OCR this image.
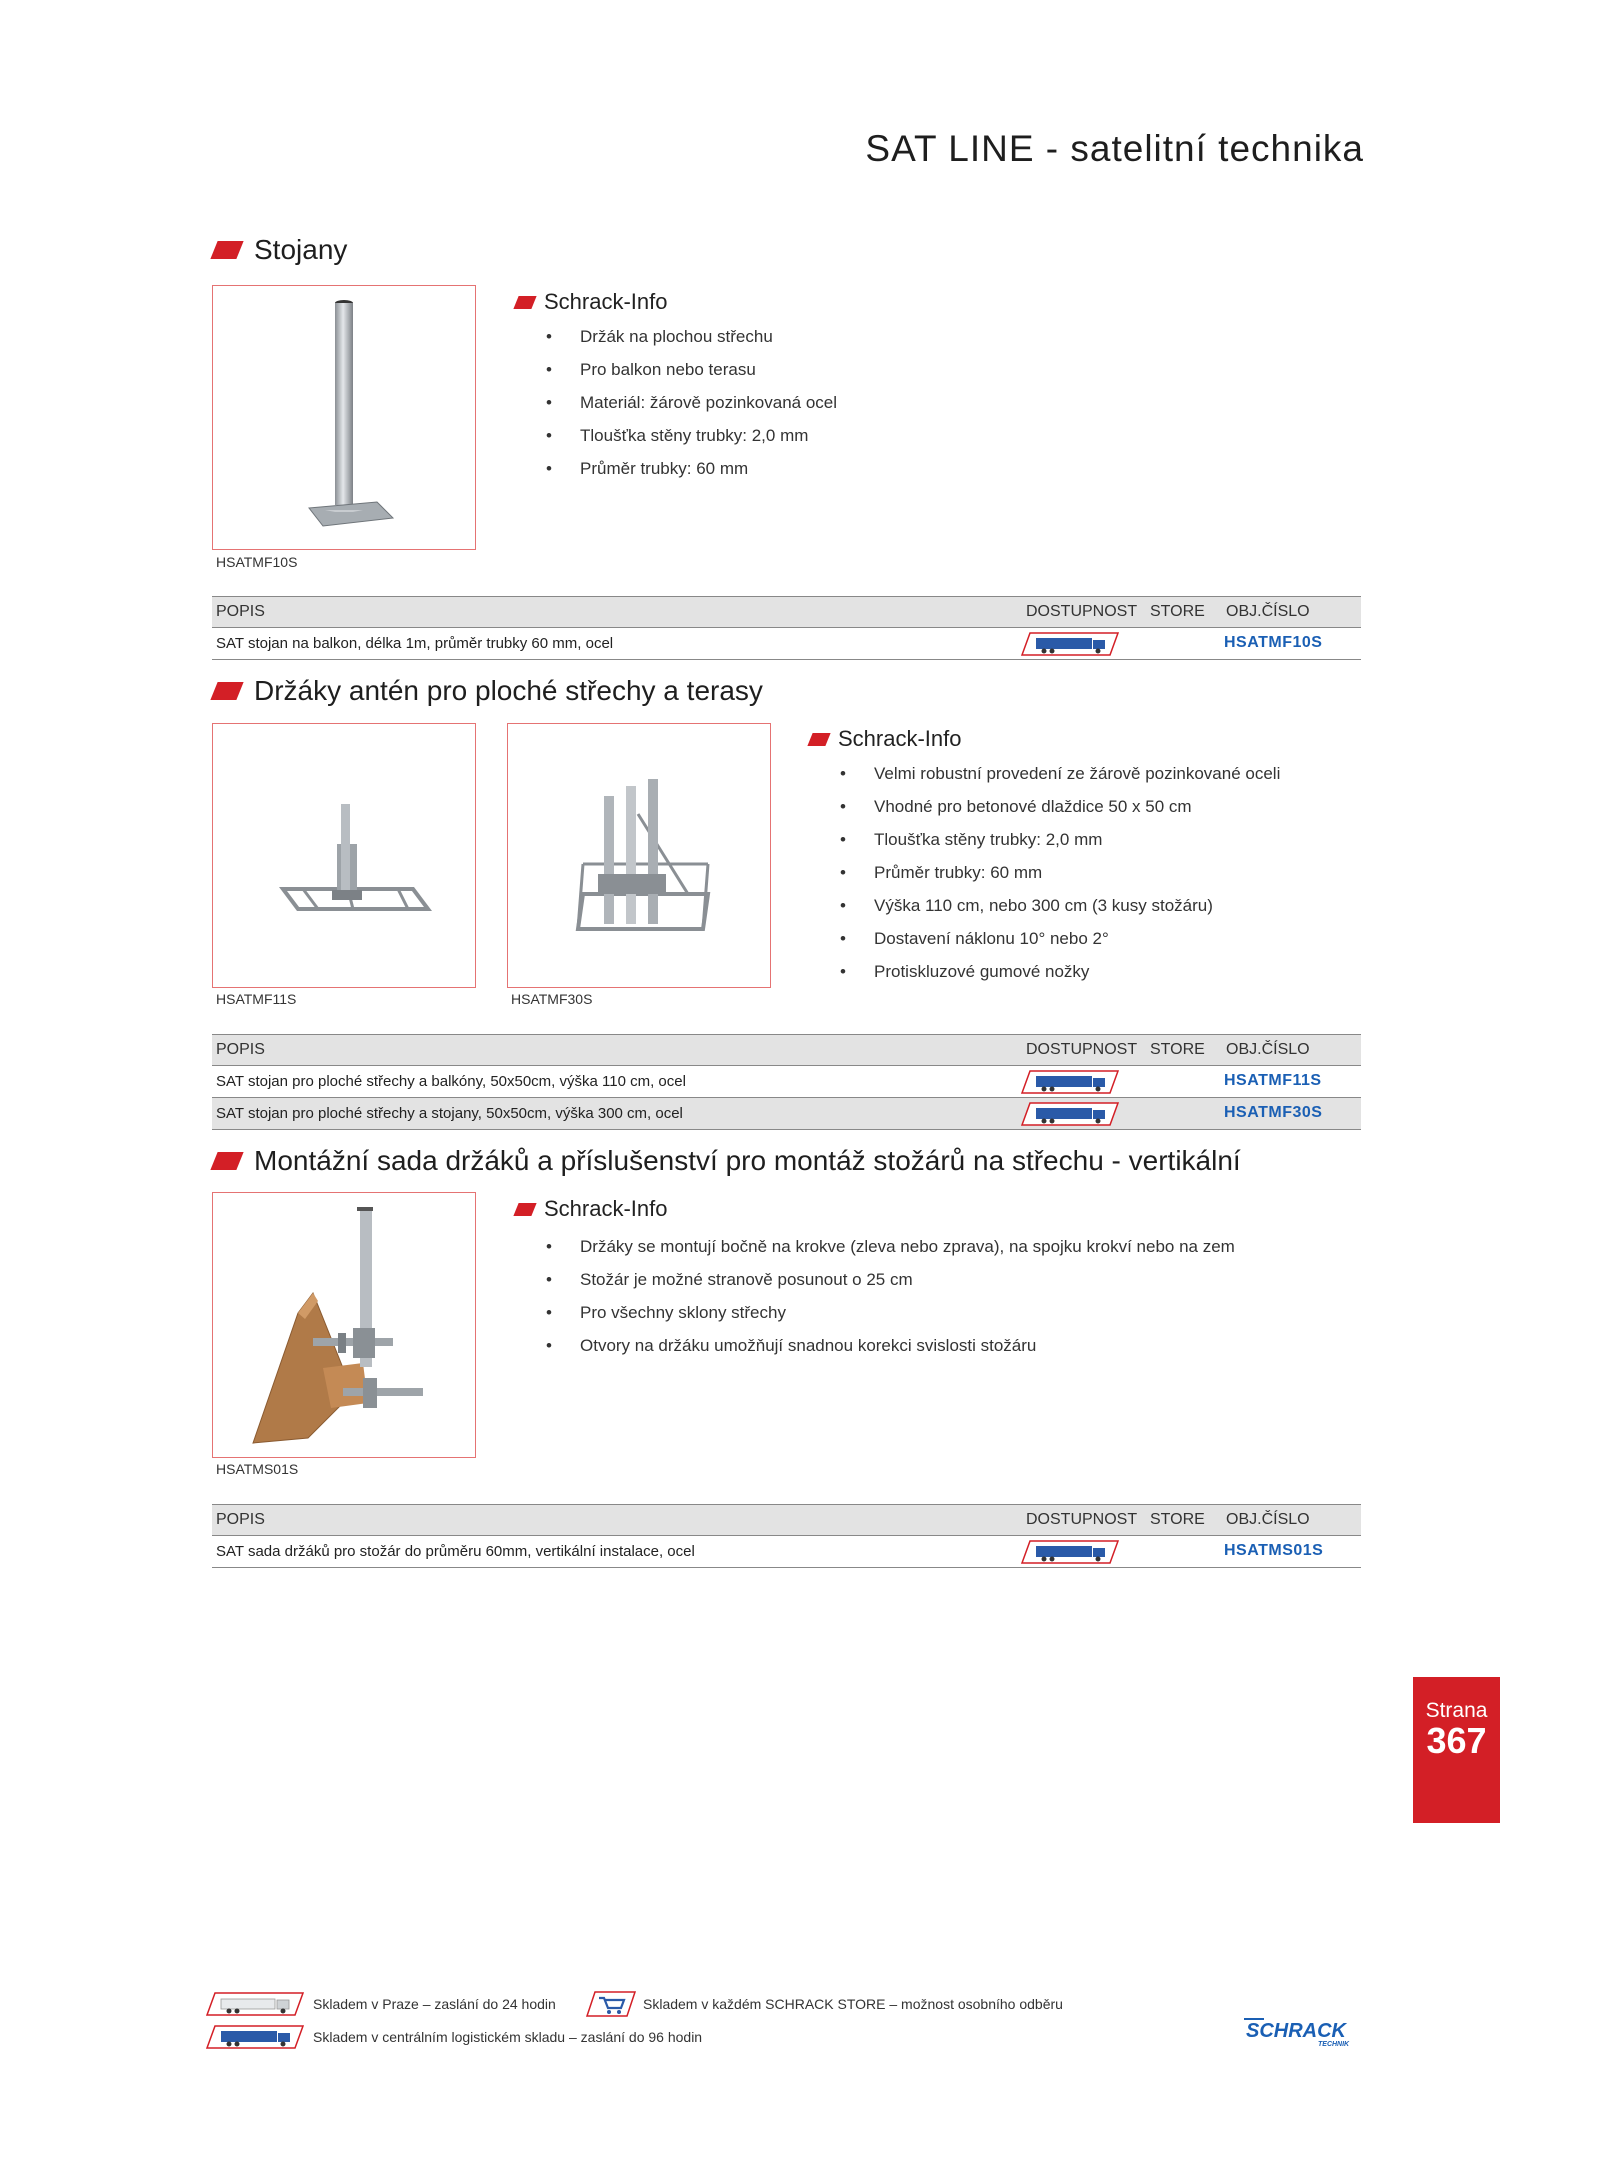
SAT LINE - satelitní technika
Stojany
HSATMF10S
Schrack-Info
• Držák na plochou střechu
• Pro balkon nebo terasu
• Materiál: žárově pozinkovaná ocel
• Tloušťka stěny trubky: 2,0 mm
• Průměr trubky: 60 mm
POPIS	DOSTUPNOST STORE OBJ.ČÍSLO
SAT stojan na balkon, délka 1m, průměr trubky 60 mm, ocel	HSATMF10S
Držáky antén pro ploché střechy a terasy
HSATMF11S	HSATMF30S
Schrack-Info
• Velmi robustní provedení ze žárově pozinkované oceli
• Vhodné pro betonové dlaždice 50 x 50 cm
• Tloušťka stěny trubky: 2,0 mm
• Průměr trubky: 60 mm
• Výška 110 cm, nebo 300 cm (3 kusy stožáru)
• Dostavení náklonu 10° nebo 2°
• Protiskluzové gumové nožky
POPIS	DOSTUPNOST STORE OBJ.ČÍSLO
SAT stojan pro ploché střechy a balkóny, 50x50cm, výška 110 cm, ocel	HSATMF11S
SAT stojan pro ploché střechy a stojany, 50x50cm, výška 300 cm, ocel	HSATMF30S
Montážní sada držáků a příslušenství pro montáž stožárů na střechu - vertikální
HSATMS01S
Schrack-Info
• Držáky se montují bočně na krokve (zleva nebo zprava), na spojku krokví nebo na zem
• Stožár je možné stranově posunout o 25 cm
• Pro všechny sklony střechy
• Otvory na držáku umožňují snadnou korekci svislosti stožáru
POPIS	DOSTUPNOST STORE OBJ.ČÍSLO
SAT sada držáků pro stožár do průměru 60mm, vertikální instalace, ocel	HSATMS01S
Strana
367
Skladem v Praze – zaslání do 24 hodin	Skladem v každém SCHRACK STORE – možnost osobního odběru
Skladem v centrálním logistickém skladu – zaslání do 96 hodin	SCHRACK
TECHNIK
